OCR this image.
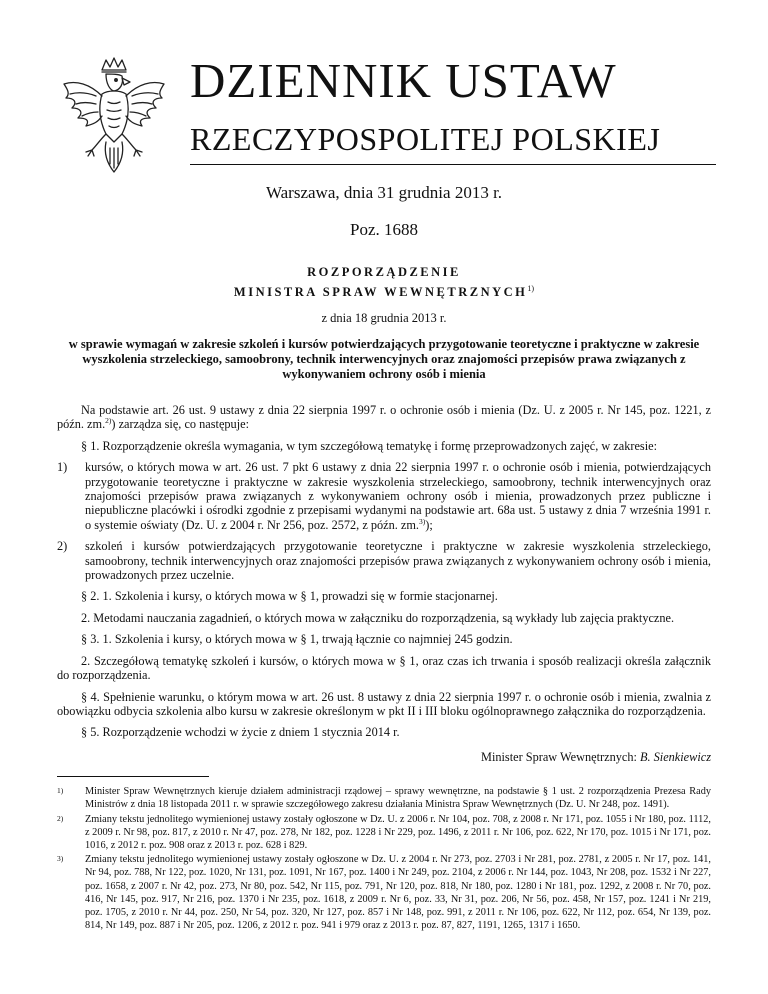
DZIENNIK USTAW
RZECZYPOSPOLITEJ POLSKIEJ
Warszawa, dnia 31 grudnia 2013 r.
Poz. 1688
ROZPORZĄDZENIE
MINISTRA SPRAW WEWNĘTRZNYCH$^{1)}$
z dnia 18 grudnia 2013 r.
w sprawie wymagań w zakresie szkoleń i kursów potwierdzających przygotowanie teoretyczne i praktyczne w zakresie wyszkolenia strzeleckiego, samoobrony, technik interwencyjnych oraz znajomości przepisów prawa związanych z wykonywaniem ochrony osób i mienia

Na podstawie art. 26 ust. 9 ustawy z dnia 22 sierpnia 1997 r. o ochronie osób i mienia (Dz. U. z 2005 r. Nr 145, poz. 1221, z późn. zm.$^{2)}$) zarządza się, co następuje:

§ 1. Rozporządzenie określa wymagania, w tym szczegółową tematykę i formę przeprowadzonych zajęć, w zakresie:

1)	kursów, o których mowa w art. 26 ust. 7 pkt 6 ustawy z dnia 22 sierpnia 1997 r. o ochronie osób i mienia, potwierdzających przygotowanie teoretyczne i praktyczne w zakresie wyszkolenia strzeleckiego, samoobrony, technik interwencyjnych oraz znajomości przepisów prawa związanych z wykonywaniem ochrony osób i mienia, prowadzonych przez publiczne i niepubliczne placówki i ośrodki zgodnie z przepisami wydanymi na podstawie art. 68a ust. 5 ustawy z dnia 7 września 1991 r. o systemie oświaty (Dz. U. z 2004 r. Nr 256, poz. 2572, z późn. zm.$^{3)}$);
2)	szkoleń i kursów potwierdzających przygotowanie teoretyczne i praktyczne w zakresie wyszkolenia strzeleckiego, samoobrony, technik interwencyjnych oraz znajomości przepisów prawa związanych z wykonywaniem ochrony osób i mienia, prowadzonych przez uczelnie.

§ 2. 1. Szkolenia i kursy, o których mowa w § 1, prowadzi się w formie stacjonarnej.

2. Metodami nauczania zagadnień, o których mowa w załączniku do rozporządzenia, są wykłady lub zajęcia praktyczne.

§ 3. 1. Szkolenia i kursy, o których mowa w § 1, trwają łącznie co najmniej 245 godzin.

2. Szczegółową tematykę szkoleń i kursów, o których mowa w § 1, oraz czas ich trwania i sposób realizacji określa załącznik do rozporządzenia.

§ 4. Spełnienie warunku, o którym mowa w art. 26 ust. 8 ustawy z dnia 22 sierpnia 1997 r. o ochronie osób i mienia, zwalnia z obowiązku odbycia szkolenia albo kursu w zakresie określonym w pkt II i III bloku ogólnoprawnego załącznika do rozporządzenia.

§ 5. Rozporządzenie wchodzi w życie z dniem 1 stycznia 2014 r.

Minister Spraw Wewnętrznych: B. Sienkiewicz
1)	Minister Spraw Wewnętrznych kieruje działem administracji rządowej – sprawy wewnętrzne, na podstawie § 1 ust. 2 rozporządzenia Prezesa Rady Ministrów z dnia 18 listopada 2011 r. w sprawie szczegółowego zakresu działania Ministra Spraw Wewnętrznych (Dz. U. Nr 248, poz. 1491).
2)	Zmiany tekstu jednolitego wymienionej ustawy zostały ogłoszone w Dz. U. z 2006 r. Nr 104, poz. 708, z 2008 r. Nr 171, poz. 1055 i Nr 180, poz. 1112, z 2009 r. Nr 98, poz. 817, z 2010 r. Nr 47, poz. 278, Nr 182, poz. 1228 i Nr 229, poz. 1496, z 2011 r. Nr 106, poz. 622, Nr 170, poz. 1015 i Nr 171, poz. 1016, z 2012 r. poz. 908 oraz z 2013 r. poz. 628 i 829.
3)	Zmiany tekstu jednolitego wymienionej ustawy zostały ogłoszone w Dz. U. z 2004 r. Nr 273, poz. 2703 i Nr 281, poz. 2781, z 2005 r. Nr 17, poz. 141, Nr 94, poz. 788, Nr 122, poz. 1020, Nr 131, poz. 1091, Nr 167, poz. 1400 i Nr 249, poz. 2104, z 2006 r. Nr 144, poz. 1043, Nr 208, poz. 1532 i Nr 227, poz. 1658, z 2007 r. Nr 42, poz. 273, Nr 80, poz. 542, Nr 115, poz. 791, Nr 120, poz. 818, Nr 180, poz. 1280 i Nr 181, poz. 1292, z 2008 r. Nr 70, poz. 416, Nr 145, poz. 917, Nr 216, poz. 1370 i Nr 235, poz. 1618, z 2009 r. Nr 6, poz. 33, Nr 31, poz. 206, Nr 56, poz. 458, Nr 157, poz. 1241 i Nr 219, poz. 1705, z 2010 r. Nr 44, poz. 250, Nr 54, poz. 320, Nr 127, poz. 857 i Nr 148, poz. 991, z 2011 r. Nr 106, poz. 622, Nr 112, poz. 654, Nr 139, poz. 814, Nr 149, poz. 887 i Nr 205, poz. 1206, z 2012 r. poz. 941 i 979 oraz z 2013 r. poz. 87, 827, 1191, 1265, 1317 i 1650.
